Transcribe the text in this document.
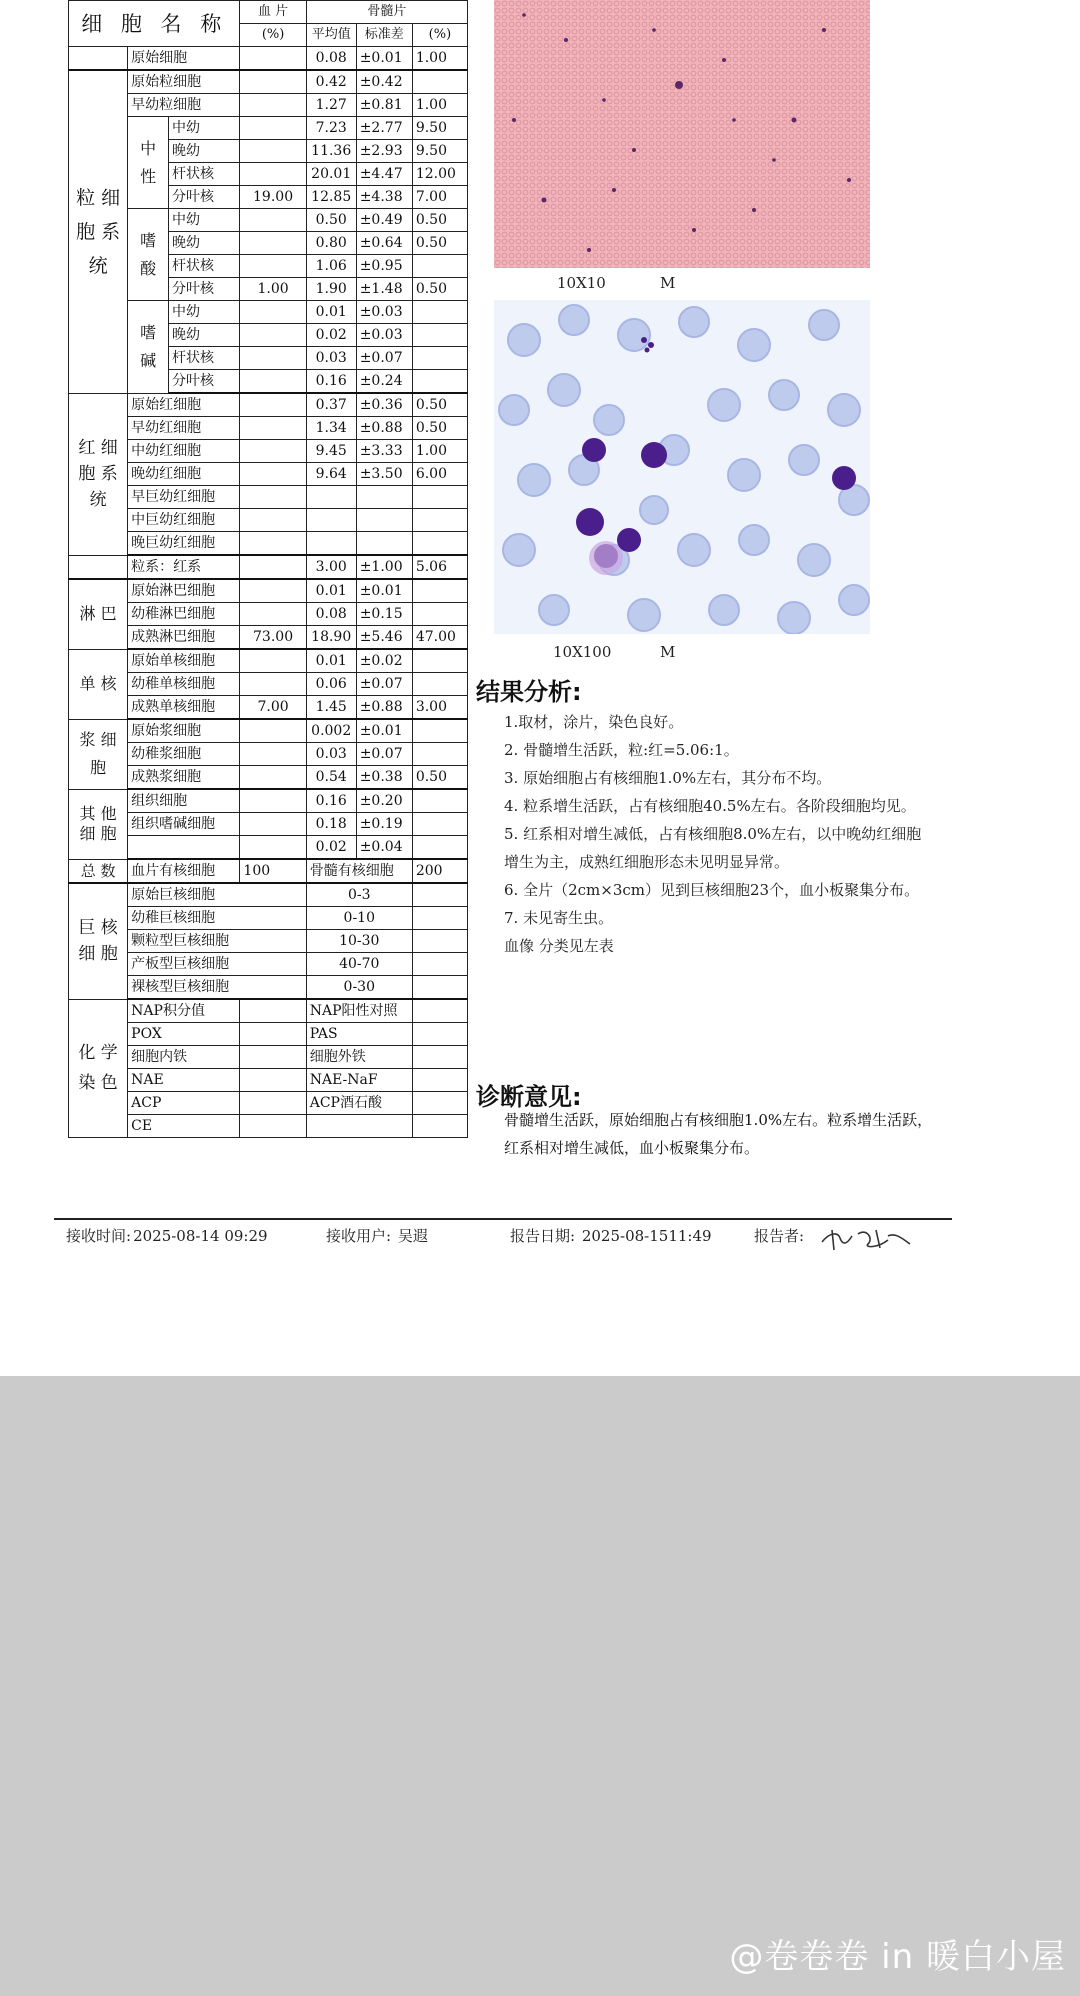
细 胞 名 称			血 片	骨髓片		
			(%)	平均值	标准差	(%)
	原始细胞			0.08	±0.01	1.00
粒 细 胞 系 统	原始粒细胞			0.42	±0.42	
	早幼粒细胞			1.27	±0.81	1.00
	中 性	中幼		7.23	±2.77	9.50
		晚幼		11.36	±2.93	9.50
		杆状核		20.01	±4.47	12.00
		分叶核	19.00	12.85	±4.38	7.00
	嗜 酸	中幼		0.50	±0.49	0.50
		晚幼		0.80	±0.64	0.50
		杆状核		1.06	±0.95	
		分叶核	1.00	1.90	±1.48	0.50
	嗜 碱	中幼		0.01	±0.03	
		晚幼		0.02	±0.03	
		杆状核		0.03	±0.07	
		分叶核		0.16	±0.24	
红 细 胞 系 统	原始红细胞			0.37	±0.36	0.50
	早幼红细胞			1.34	±0.88	0.50
	中幼红细胞			9.45	±3.33	1.00
	晚幼红细胞			9.64	±3.50	6.00
	早巨幼红细胞					
	中巨幼红细胞					
	晚巨幼红细胞					
	粒系：红系			3.00	±1.00	5.06
淋 巴	原始淋巴细胞			0.01	±0.01	
	幼稚淋巴细胞			0.08	±0.15	
	成熟淋巴细胞		73.00	18.90	±5.46	47.00
单 核	原始单核细胞			0.01	±0.02	
	幼稚单核细胞			0.06	±0.07	
	成熟单核细胞		7.00	1.45	±0.88	3.00
浆 细 胞	原始浆细胞			0.002	±0.01	
	幼稚浆细胞			0.03	±0.07	
	成熟浆细胞			0.54	±0.38	0.50
其 他 细 胞	组织细胞			0.16	±0.20	
	组织嗜碱细胞			0.18	±0.19	
				0.02	±0.04	
总 数	血片有核细胞		100	骨髓有核细胞		200
巨 核 细 胞	原始巨核细胞			0-3		
	幼稚巨核细胞			0-10		
	颗粒型巨核细胞			10-30		
	产板型巨核细胞			40-70		
	裸核型巨核细胞			0-30		
化 学 染 色	NAP积分值			NAP阳性对照		
	POX			PAS		
	细胞内铁			细胞外铁		
	NAE			NAE-NaF		
	ACP			ACP酒石酸		
	CE					
10X10	M
10X100	M
结果分析:

1.取材，涂片，染色良好。

2. 骨髓增生活跃，粒:红=5.06:1。

3. 原始细胞占有核细胞1.0%左右，其分布不均。

4. 粒系增生活跃，占有核细胞40.5%左右。各阶段细胞均见。

5. 红系相对增生减低，占有核细胞8.0%左右，以中晚幼红细胞增生为主，成熟红细胞形态未见明显异常。

6. 全片（2cm×3cm）见到巨核细胞23个，血小板聚集分布。

7. 未见寄生虫。

血像 分类见左表

诊断意见:
骨髓增生活跃，原始细胞占有核细胞1.0%左右。粒系增生活跃，红系相对增生减低，血小板聚集分布。
接收时间: 2025-08-14 09:29	接收用户: 吴遐	报告日期: 2025-08-1511:49	报告者:
@卷卷卷 in 暖白小屋
